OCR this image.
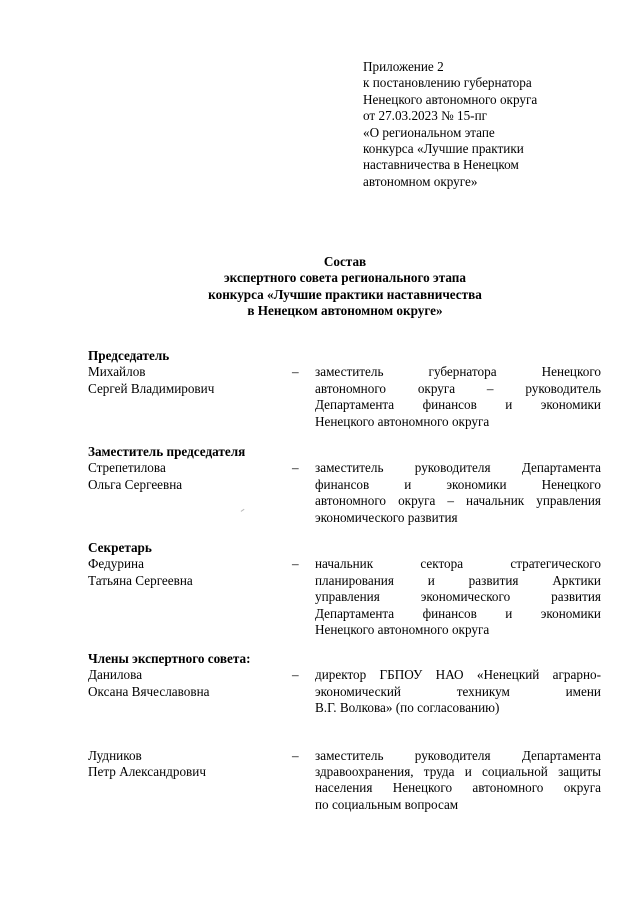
Приложение 2
к постановлению губернатора
Ненецкого автономного округа
от 27.03.2023 № 15-пг
«О региональном этапе
конкурса «Лучшие практики
наставничества в Ненецком
автономном округе»
Состав
экспертного совета регионального этапа
конкурса «Лучшие практики наставничества
в Ненецком автономном округе»
Председатель
Михайлов
Сергей Владимирович
–	заместитель губернатора Ненецкого
автономного округа – руководитель
Департамента финансов и экономики
Ненецкого автономного округа
Заместитель председателя
Стрепетилова
Ольга Сергеевна
–	заместитель руководителя Департамента
финансов и экономики Ненецкого
автономного округа – начальник управления
экономического развития
Секретарь
Федурина
Татьяна Сергеевна
–	начальник сектора стратегического
планирования и развития Арктики
управления экономического развития
Департамента финансов и экономики
Ненецкого автономного округа
Члены экспертного совета:
Данилова
Оксана Вячеславовна
–	директор ГБПОУ НАО «Ненецкий аграрно-
экономический техникум имени
В.Г. Волкова» (по согласованию)
Лудников
Петр Александрович
–	заместитель руководителя Департамента
здравоохранения, труда и социальной защиты
населения Ненецкого автономного округа
по социальным вопросам
